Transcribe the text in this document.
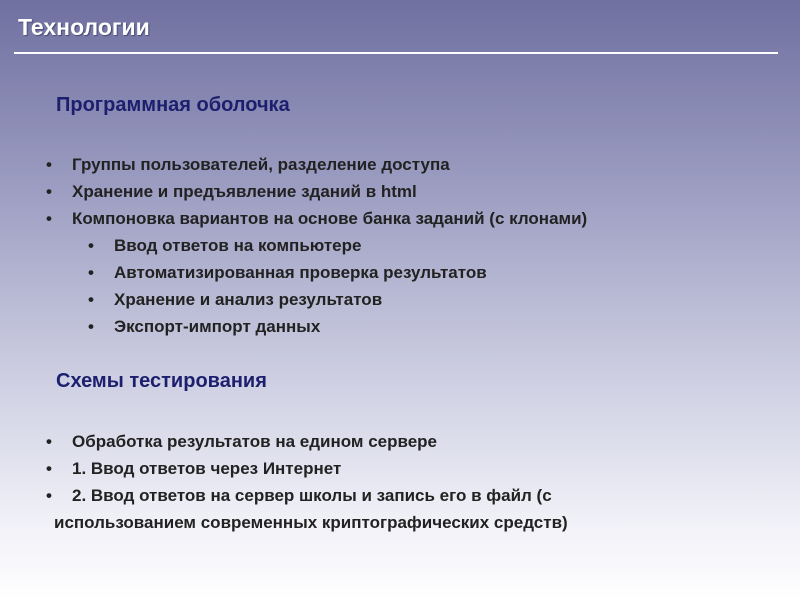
Технологии
Программная оболочка
• Группы пользователей, разделение доступа
• Хранение и предъявление зданий в html
• Компоновка вариантов на основе банка заданий (с клонами)
• Ввод ответов на компьютере
• Автоматизированная проверка результатов
• Хранение и анализ результатов
• Экспорт-импорт данных
Схемы тестирования
• Обработка результатов на едином сервере
• 1. Ввод ответов через Интернет
• 2. Ввод ответов на сервер школы и запись его в файл (с
использованием современных криптографических средств)
